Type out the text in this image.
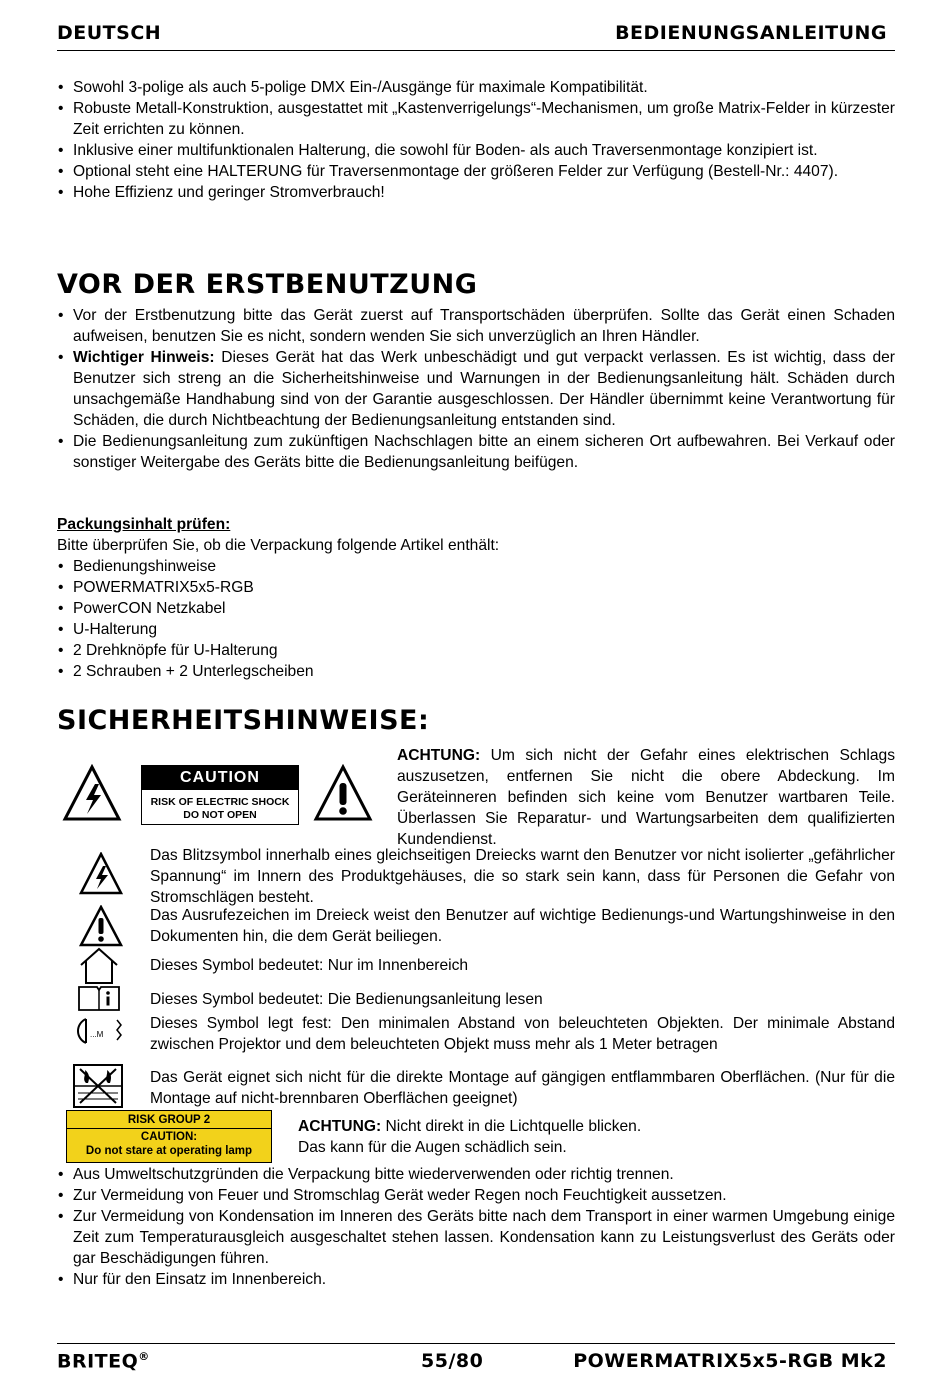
DEUTSCH	BEDIENUNGSANLEITUNG
• Sowohl 3-polige als auch 5-polige DMX Ein-/Ausgänge für maximale Kompatibilität.
• Robuste Metall-Konstruktion, ausgestattet mit „Kastenverrigelungs“-Mechanismen, um große Matrix-Felder in kürzester Zeit errichten zu können.
• Inklusive einer multifunktionalen Halterung, die sowohl für Boden- als auch Traversenmontage konzipiert ist.
• Optional steht eine HALTERUNG für Traversenmontage der größeren Felder zur Verfügung (Bestell-Nr.: 4407).
• Hohe Effizienz und geringer Stromverbrauch!
VOR DER ERSTBENUTZUNG
• Vor der Erstbenutzung bitte das Gerät zuerst auf Transportschäden überprüfen. Sollte das Gerät einen Schaden aufweisen, benutzen Sie es nicht, sondern wenden Sie sich unverzüglich an Ihren Händler.
• Wichtiger Hinweis: Dieses Gerät hat das Werk unbeschädigt und gut verpackt verlassen. Es ist wichtig, dass der Benutzer sich streng an die Sicherheitshinweise und Warnungen in der Bedienungsanleitung hält. Schäden durch unsachgemäße Handhabung sind von der Garantie ausgeschlossen. Der Händler übernimmt keine Verantwortung für Schäden, die durch Nichtbeachtung der Bedienungsanleitung entstanden sind.
• Die Bedienungsanleitung zum zukünftigen Nachschlagen bitte an einem sicheren Ort aufbewahren. Bei Verkauf oder sonstiger Weitergabe des Geräts bitte die Bedienungsanleitung beifügen.
Packungsinhalt prüfen:
Bitte überprüfen Sie, ob die Verpackung folgende Artikel enthält:
• Bedienungshinweise
• POWERMATRIX5x5-RGB
• PowerCON Netzkabel
• U-Halterung
• 2 Drehknöpfe für U-Halterung
• 2 Schrauben + 2 Unterlegscheiben
SICHERHEITSHINWEISE:
CAUTION
RISK OF ELECTRIC SHOCK
DO NOT OPEN
ACHTUNG: Um sich nicht der Gefahr eines elektrischen Schlags auszusetzen, entfernen Sie nicht die obere Abdeckung. Im Geräteinneren befinden sich keine vom Benutzer wartbaren Teile. Überlassen Sie Reparatur- und Wartungsarbeiten dem qualifizierten Kundendienst.
Das Blitzsymbol innerhalb eines gleichseitigen Dreiecks warnt den Benutzer vor nicht isolierter „gefährlicher Spannung“ im Innern des Produktgehäuses, die so stark sein kann, dass für Personen die Gefahr von Stromschlägen besteht.
Das Ausrufezeichen im Dreieck weist den Benutzer auf wichtige Bedienungs-und Wartungshinweise in den Dokumenten hin, die dem Gerät beiliegen.
Dieses Symbol bedeutet: Nur im Innenbereich
Dieses Symbol bedeutet: Die Bedienungsanleitung lesen
...M
Dieses Symbol legt fest: Den minimalen Abstand von beleuchteten Objekten. Der minimale Abstand zwischen Projektor und dem beleuchteten Objekt muss mehr als 1 Meter betragen
Das Gerät eignet sich nicht für die direkte Montage auf gängigen entflammbaren Oberflächen. (Nur für die Montage auf nicht-brennbaren Oberflächen geeignet)
RISK GROUP 2
CAUTION:
Do not stare at operating lamp
ACHTUNG: Nicht direkt in die Lichtquelle blicken.
Das kann für die Augen schädlich sein.
• Aus Umweltschutzgründen die Verpackung bitte wiederverwenden oder richtig trennen.
• Zur Vermeidung von Feuer und Stromschlag Gerät weder Regen noch Feuchtigkeit aussetzen.
• Zur Vermeidung von Kondensation im Inneren des Geräts bitte nach dem Transport in einer warmen Umgebung einige Zeit zum Temperaturausgleich ausgeschaltet stehen lassen. Kondensation kann zu Leistungsverlust des Geräts oder gar Beschädigungen führen.
• Nur für den Einsatz im Innenbereich.
BRITEQ®	55/80	POWERMATRIX5x5-RGB Mk2
